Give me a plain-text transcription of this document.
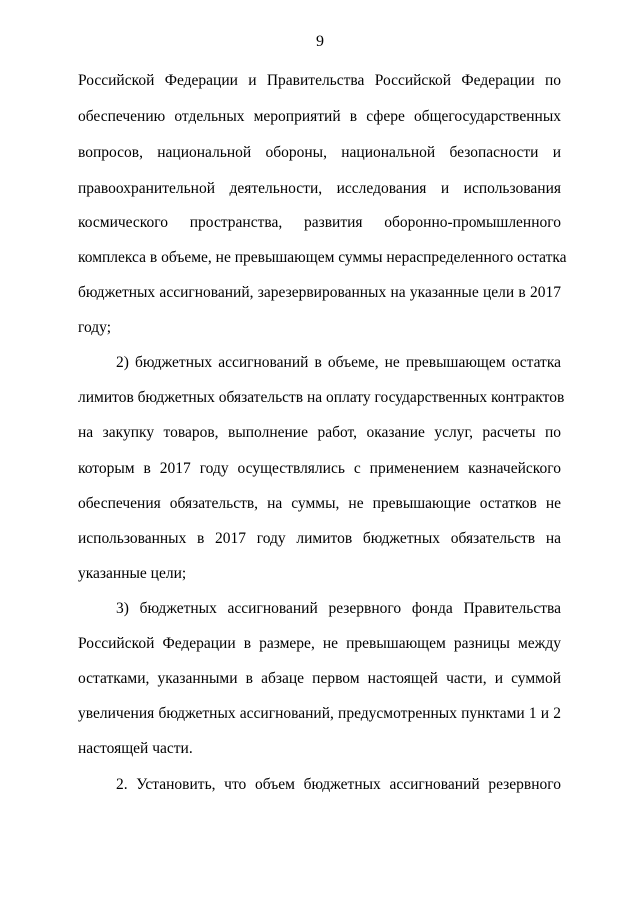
9
Российской Федерации и Правительства Российской Федерации по
обеспечению отдельных мероприятий в сфере общегосударственных
вопросов, национальной обороны, национальной безопасности и
правоохранительной деятельности, исследования и использования
космического пространства, развития оборонно-промышленного
комплекса в объеме, не превышающем суммы нераспределенного остатка
бюджетных ассигнований, зарезервированных на указанные цели в 2017
году;
2) бюджетных ассигнований в объеме, не превышающем остатка
лимитов бюджетных обязательств на оплату государственных контрактов
на закупку товаров, выполнение работ, оказание услуг, расчеты по
которым в 2017 году осуществлялись с применением казначейского
обеспечения обязательств, на суммы, не превышающие остатков не
использованных в 2017 году лимитов бюджетных обязательств на
указанные цели;
3) бюджетных ассигнований резервного фонда Правительства
Российской Федерации в размере, не превышающем разницы между
остатками, указанными в абзаце первом настоящей части, и суммой
увеличения бюджетных ассигнований, предусмотренных пунктами 1 и 2
настоящей части.
2. Установить, что объем бюджетных ассигнований резервного
